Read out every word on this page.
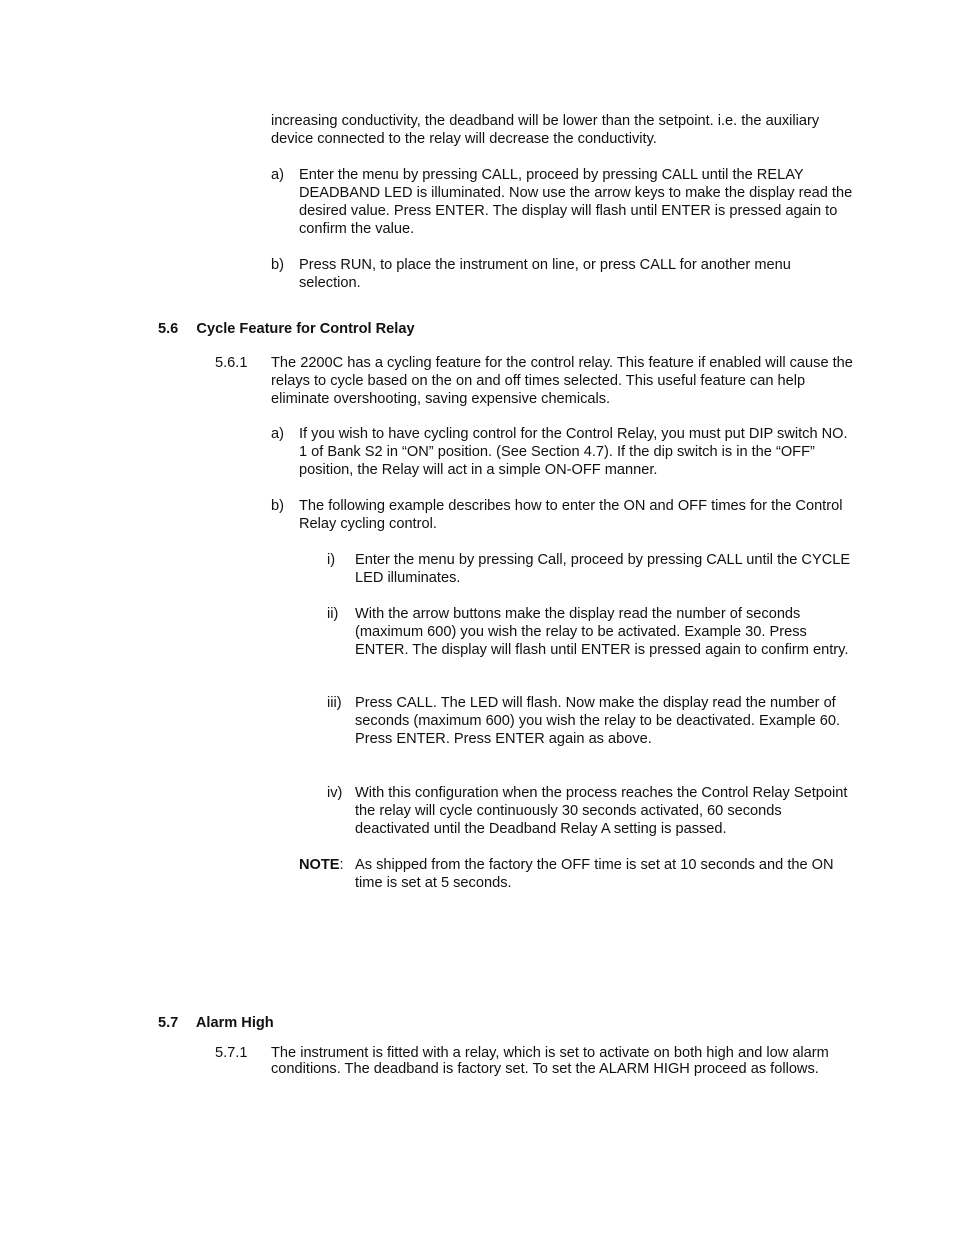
increasing conductivity, the deadband will be lower than the setpoint. i.e. the auxiliary device connected to the relay will decrease the conductivity.

a) Enter the menu by pressing CALL, proceed by pressing CALL until the RELAY DEADBAND LED is illuminated. Now use the arrow keys to make the display read the desired value. Press ENTER. The display will flash until ENTER is pressed again to confirm the value.

b) Press RUN, to place the instrument on line, or press CALL for another menu selection.

5.6 Cycle Feature for Control Relay
5.6.1 The 2200C has a cycling feature for the control relay. This feature if enabled will cause the relays to cycle based on the on and off times selected. This useful feature can help eliminate overshooting, saving expensive chemicals.

a) If you wish to have cycling control for the Control Relay, you must put DIP switch NO. 1 of Bank S2 in “ON” position. (See Section 4.7). If the dip switch is in the “OFF” position, the Relay will act in a simple ON-OFF manner.

b) The following example describes how to enter the ON and OFF times for the Control Relay cycling control.

i) Enter the menu by pressing Call, proceed by pressing CALL until the CYCLE LED illuminates.

ii) With the arrow buttons make the display read the number of seconds (maximum 600) you wish the relay to be activated. Example 30. Press ENTER. The display will flash until ENTER is pressed again to confirm entry.

iii) Press CALL. The LED will flash. Now make the display read the number of seconds (maximum 600) you wish the relay to be deactivated. Example 60. Press ENTER. Press ENTER again as above.

iv) With this configuration when the process reaches the Control Relay Setpoint the relay will cycle continuously 30 seconds activated, 60 seconds deactivated until the Deadband Relay A setting is passed.

NOTE: As shipped from the factory the OFF time is set at 10 seconds and the ON time is set at 5 seconds.

5.7 Alarm High
5.7.1 The instrument is fitted with a relay, which is set to activate on both high and low alarm conditions. The deadband is factory set. To set the ALARM HIGH proceed as follows.
